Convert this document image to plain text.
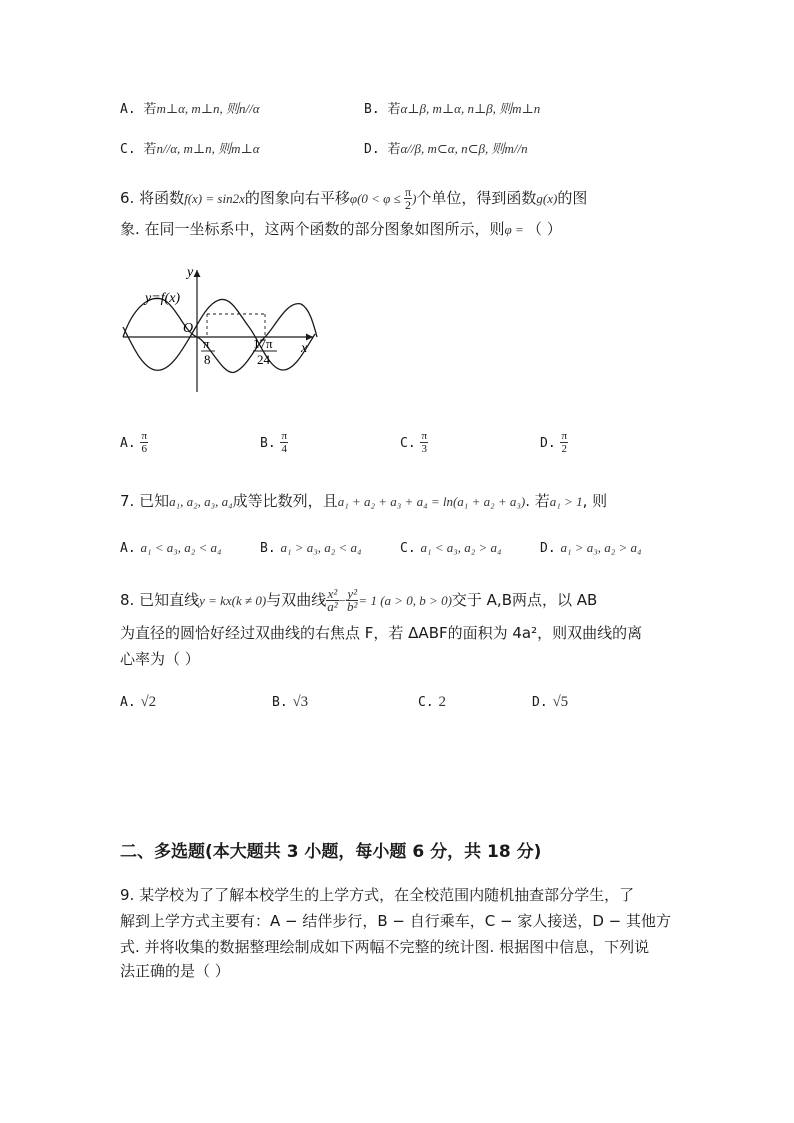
A. 若m⊥α, m⊥n, 则n//α	B. 若α⊥β, m⊥α, n⊥β, 则m⊥n
C. 若n//α, m⊥n, 则m⊥α	D. 若α//β, m⊂α, n⊂β, 则m//n
6. 将函数f(x) = sin2x的图象向右平移$\varphi(0 < \varphi \le \frac{\pi}{2}$ )个单位，得到函数g(x)的图
象. 在同一坐标系中，这两个函数的部分图象如图所示，则φ = （ ）
y
y=f(x)
O
x
π
8
17π
24
A. $\frac{\pi}{6}$	B. $\frac{\pi}{4}$	C. $\frac{\pi}{3}$	D. $\frac{\pi}{2}$
7. 已知a₁, a₂, a₃, a₄成等比数列，且a₁ + a₂ + a₃ + a₄ = ln(a₁ + a₂ + a₃). 若a₁ > 1, 则
A. a₁ < a₃, a₂ < a₄	B. a₁ > a₃, a₂ < a₄	C. a₁ < a₃, a₂ > a₄	D. a₁ > a₃, a₂ > a₄
8. 已知直线y = kx(k ≠ 0)与双曲线 $\frac{\text{x²}}{\text{a²}} - \frac{\text{y²}}{\text{b²}} = 1$ (a > 0, b > 0)交于 A,B两点，以 AB
为直径的圆恰好经过双曲线的右焦点 F，若 ΔABF的面积为 4a²，则双曲线的离
心率为（ ）
A. √2	B. √3	C. 2	D. √5
二、多选题(本大题共 3 小题，每小题 6 分，共 18 分)
9. 某学校为了了解本校学生的上学方式，在全校范围内随机抽查部分学生，了
解到上学方式主要有：A − 结伴步行，B − 自行乘车，C − 家人接送，D − 其他方
式. 并将收集的数据整理绘制成如下两幅不完整的统计图. 根据图中信息，下列说
法正确的是（ ）
